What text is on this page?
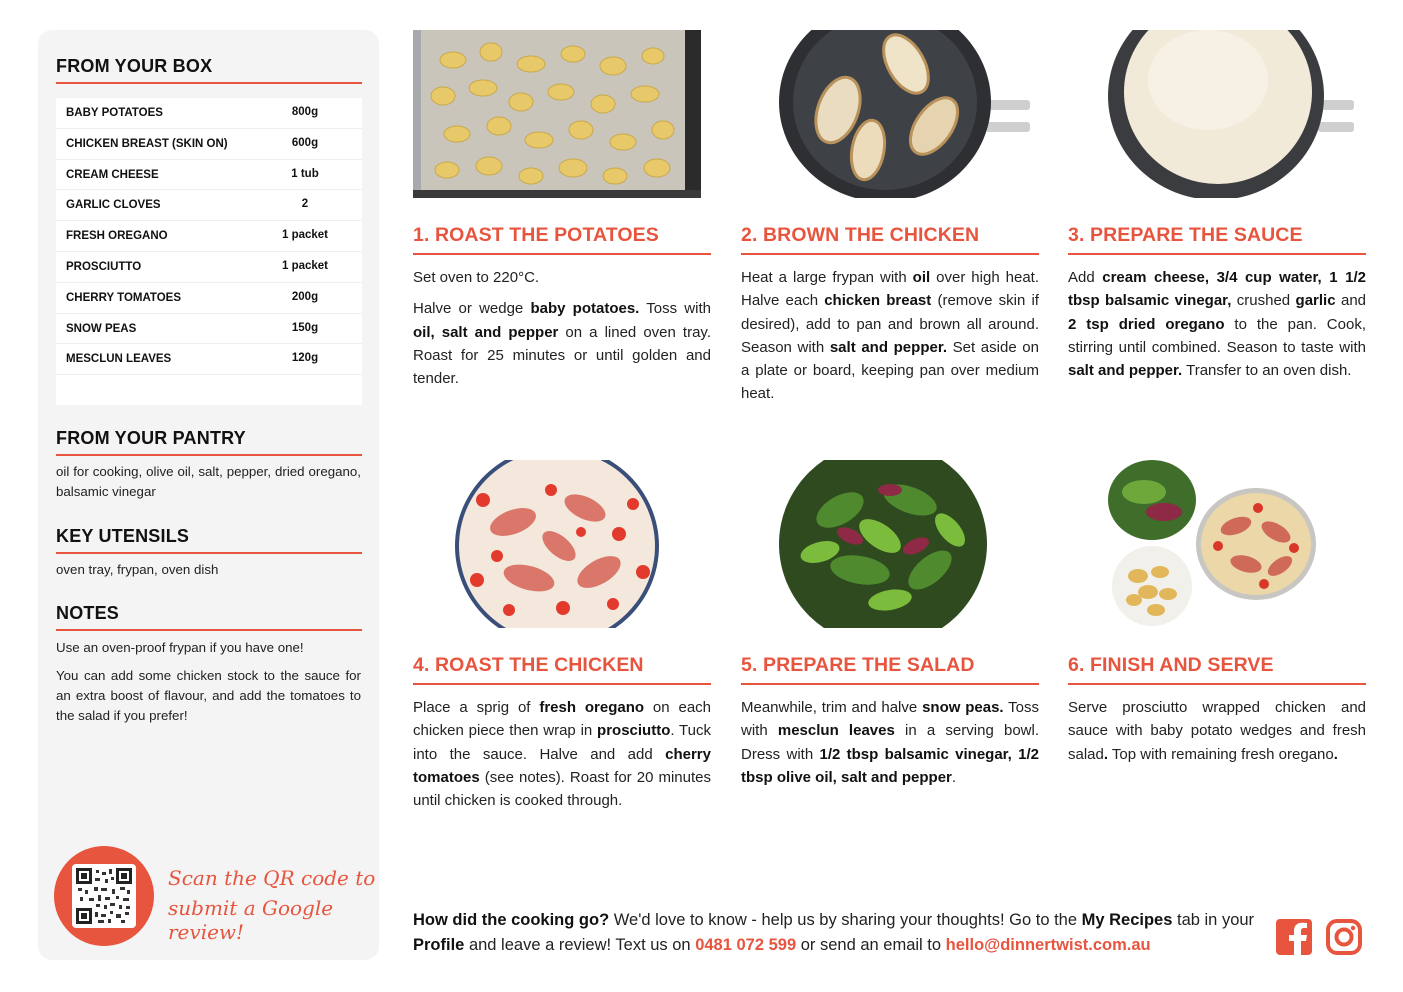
FROM YOUR BOX
BABY POTATOES	800g
CHICKEN BREAST (SKIN ON)	600g
CREAM CHEESE	1 tub
GARLIC CLOVES	2
FRESH OREGANO	1 packet
PROSCIUTTO	1 packet
CHERRY TOMATOES	200g
SNOW PEAS	150g
MESCLUN LEAVES	120g
FROM YOUR PANTRY
oil for cooking, olive oil, salt, pepper, dried oregano, balsamic vinegar
KEY UTENSILS
oven tray, frypan, oven dish
NOTES
Use an oven-proof frypan if you have one!
You can add some chicken stock to the sauce for an extra boost of flavour, and add the tomatoes to the salad if you prefer!
Scan the QR code to
submit a Google review!
1. ROAST THE POTATOES

Set oven to 220°C.

Halve or wedge baby potatoes. Toss with oil, salt and pepper on a lined oven tray. Roast for 25 minutes or until golden and tender.

2. BROWN THE CHICKEN

Heat a large frypan with oil over high heat. Halve each chicken breast (remove skin if desired), add to pan and brown all around. Season with salt and pepper. Set aside on a plate or board, keeping pan over medium heat.

3. PREPARE THE SAUCE

Add cream cheese, 3/4 cup water, 1 1/2 tbsp balsamic vinegar, crushed garlic and 2 tsp dried oregano to the pan. Cook, stirring until combined. Season to taste with salt and pepper. Transfer to an oven dish.

4. ROAST THE CHICKEN

Place a sprig of fresh oregano on each chicken piece then wrap in prosciutto. Tuck into the sauce. Halve and add cherry tomatoes (see notes). Roast for 20 minutes until chicken is cooked through.

5. PREPARE THE SALAD

Meanwhile, trim and halve snow peas. Toss with mesclun leaves in a serving bowl. Dress with 1/2 tbsp balsamic vinegar, 1/2 tbsp olive oil, salt and pepper.

6. FINISH AND SERVE

Serve prosciutto wrapped chicken and sauce with baby potato wedges and fresh salad. Top with remaining fresh oregano.

How did the cooking go? We'd love to know - help us by sharing your thoughts! Go to the My Recipes tab in your Profile and leave a review! Text us on 0481 072 599 or send an email to hello@dinnertwist.com.au
